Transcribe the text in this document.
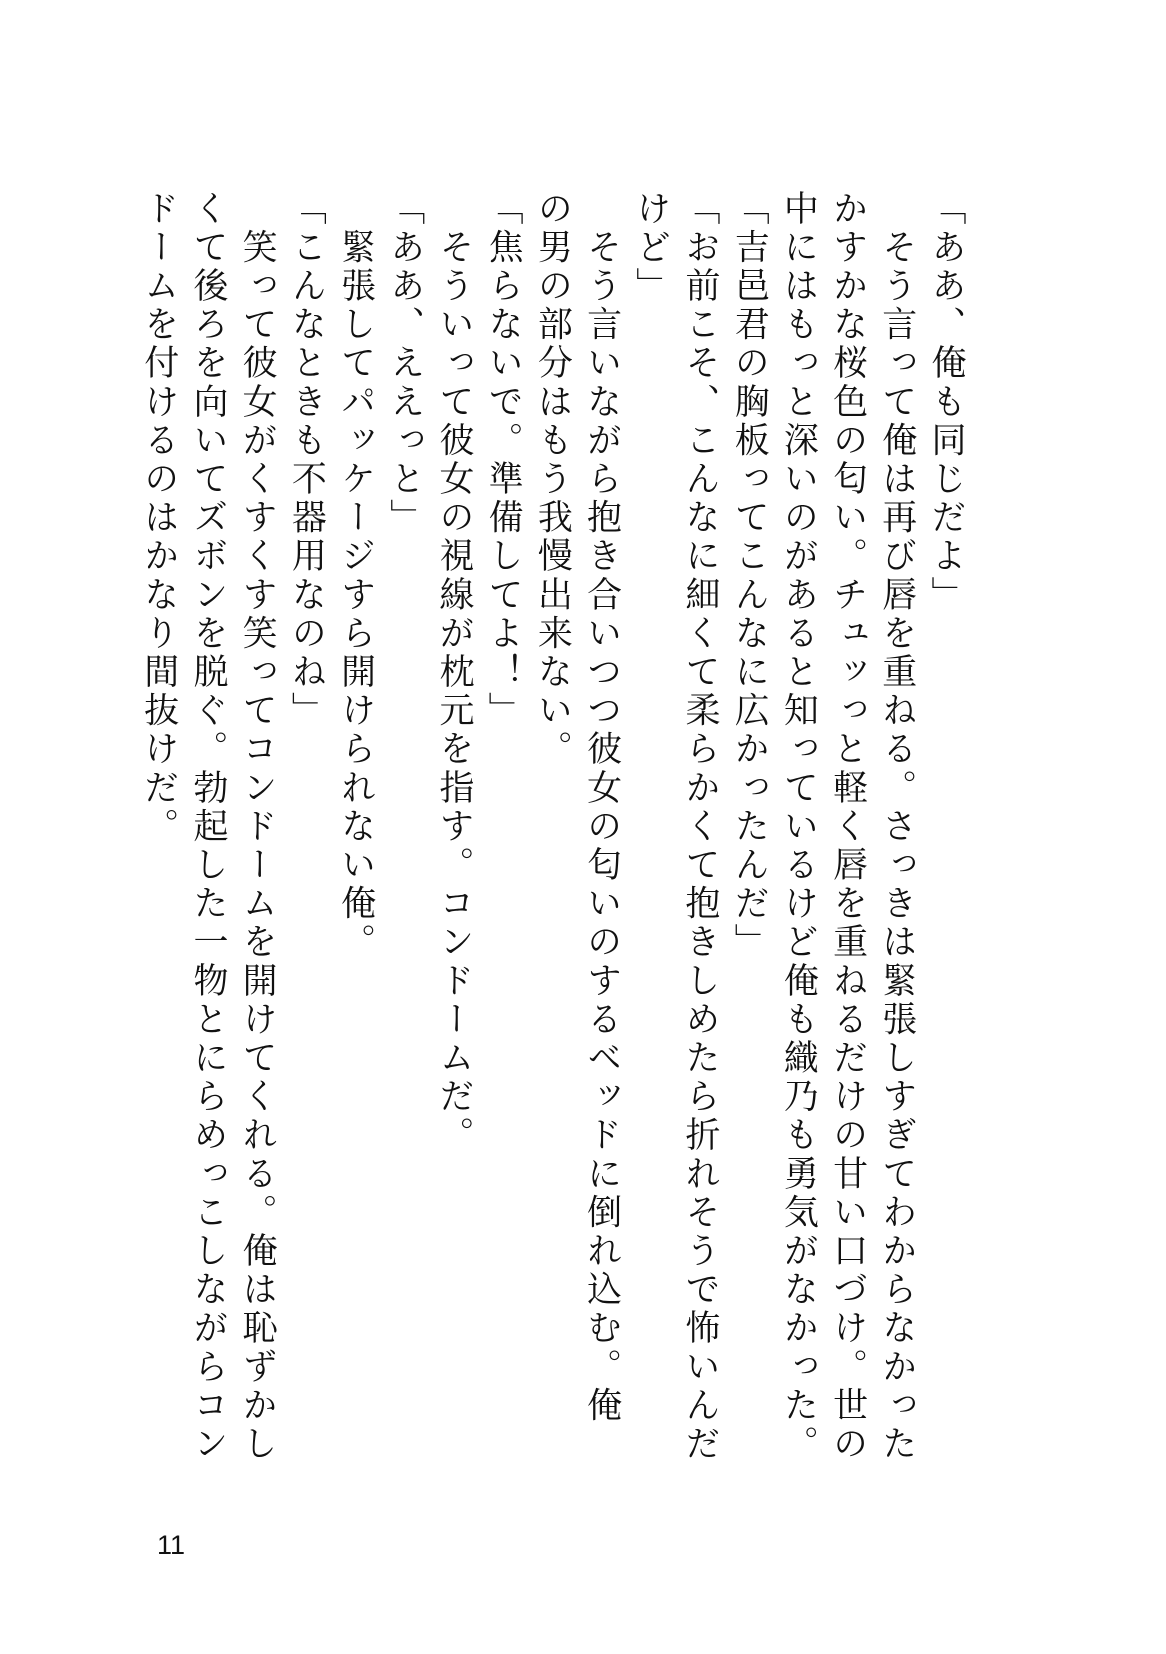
「ああ、俺も同じだよ」
　そう言って俺は再び唇を重ねる。さっきは緊張しすぎてわからなかった
かすかな桜色の匂い。チュッっと軽く唇を重ねるだけの甘い口づけ。世の
中にはもっと深いのがあると知っているけど俺も織乃も勇気がなかった。
「吉邑君の胸板ってこんなに広かったんだ」
「お前こそ、こんなに細くて柔らかくて抱きしめたら折れそうで怖いんだ
けど」
　そう言いながら抱き合いつつ彼女の匂いのするベッドに倒れ込む。俺
の男の部分はもう我慢出来ない。
「焦らないで。準備してよ！」
　そういって彼女の視線が枕元を指す。コンドームだ。
「ああ、ええっと」
　緊張してパッケージすら開けられない俺。
「こんなときも不器用なのね」
　笑って彼女がくすくす笑ってコンドームを開けてくれる。俺は恥ずかし
くて後ろを向いてズボンを脱ぐ。勃起した一物とにらめっこしながらコン
ドームを付けるのはかなり間抜けだ。
11
